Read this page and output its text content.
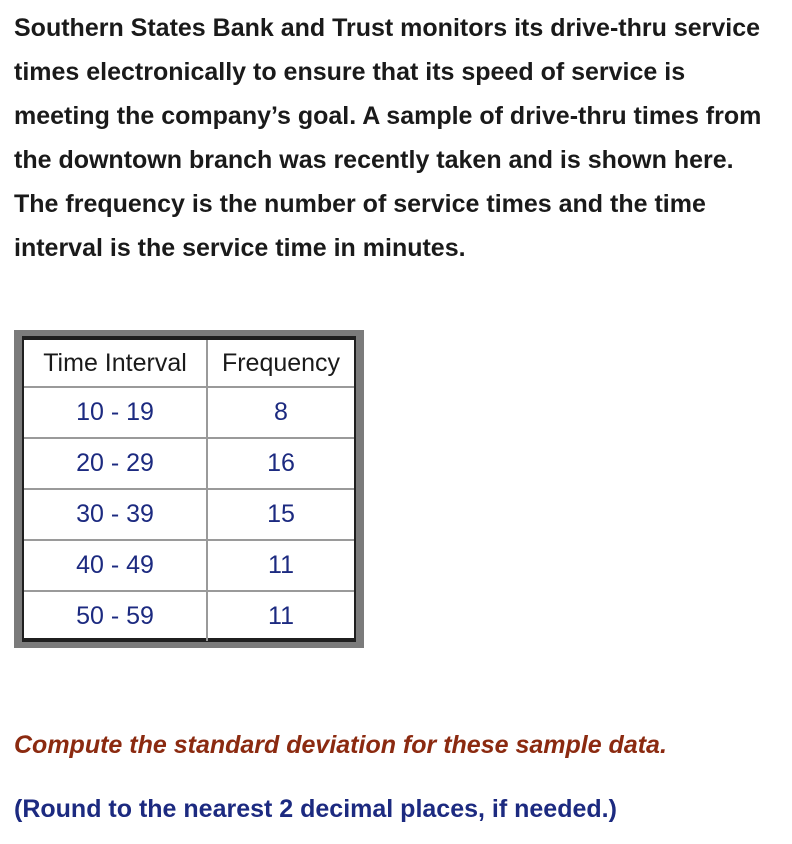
Southern States Bank and Trust monitors its drive-thru service times electronically to ensure that its speed of service is meeting the company’s goal. A sample of drive-thru times from the downtown branch was recently taken and is shown here. The frequency is the number of service times and the time interval is the service time in minutes.

Time Interval	Frequency
10 - 19	8
20 - 29	16
30 - 39	15
40 - 49	11
50 - 59	11

Compute the standard deviation for these sample data.

(Round to the nearest 2 decimal places, if needed.)
